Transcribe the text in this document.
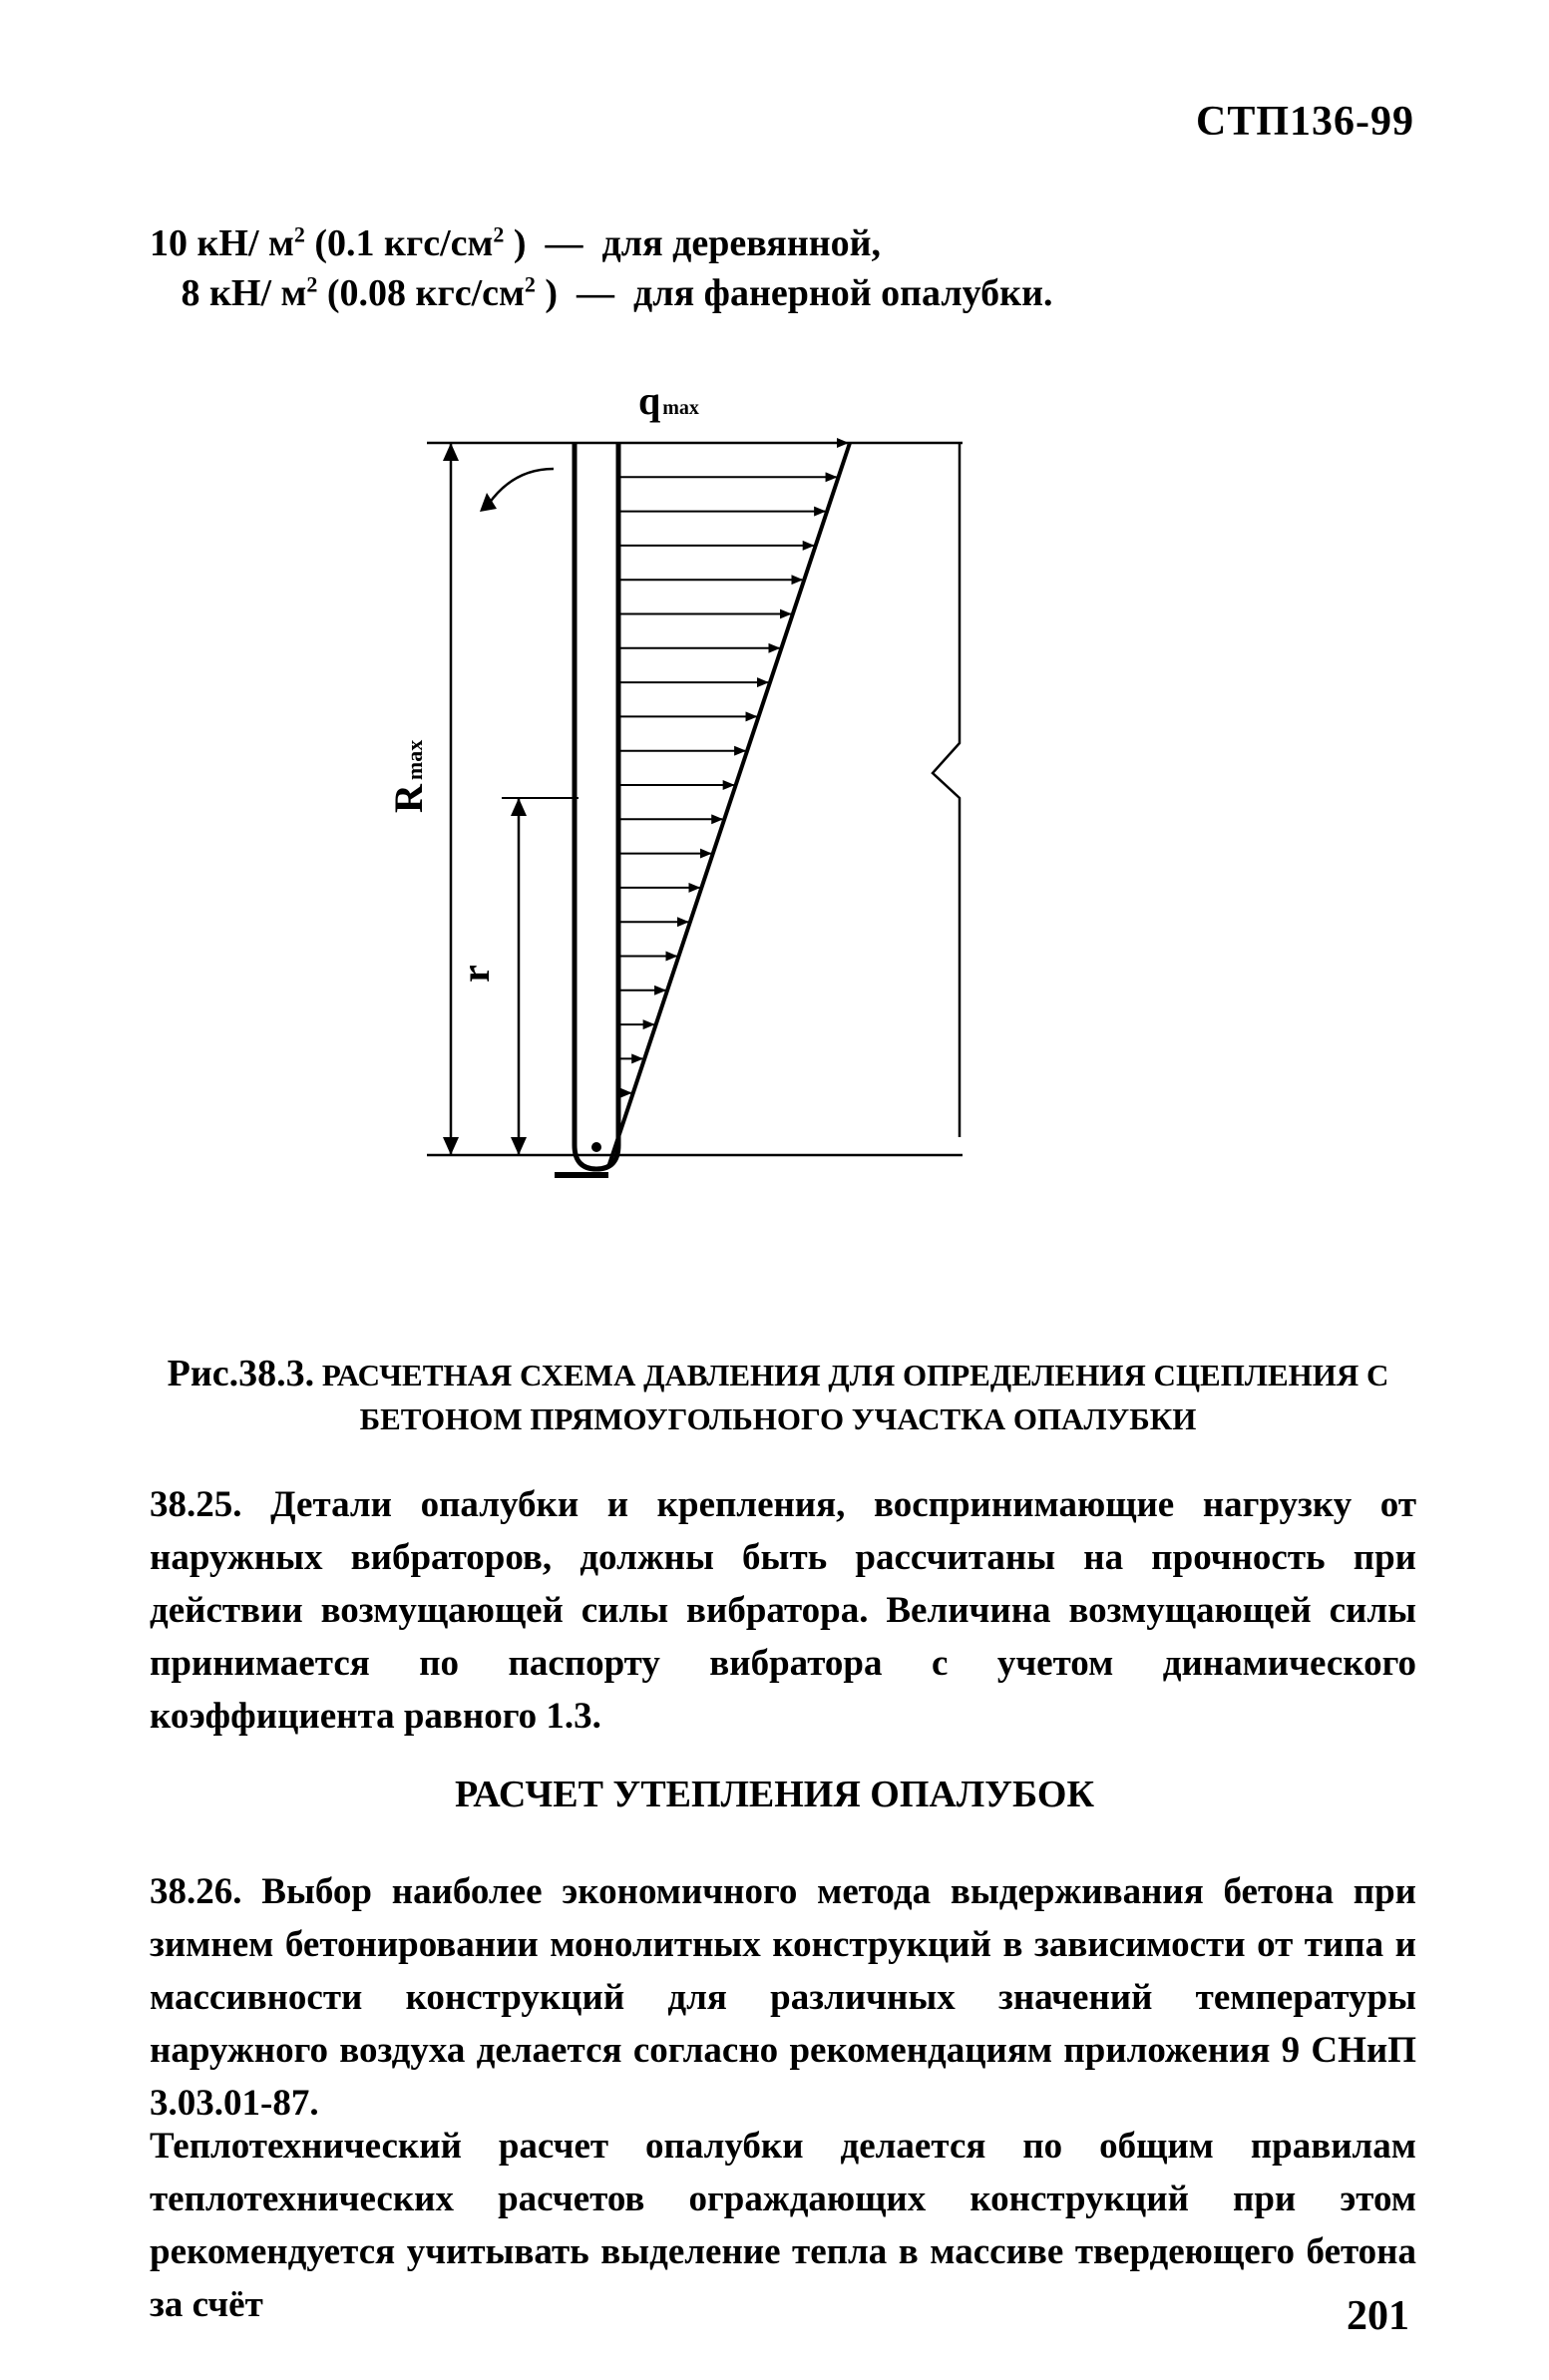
СТП136-99
10 кН/ $м^2$ (0.1 кгс/$см^2$ )  —  для деревянной,
8 кН/ $м^2$ (0.08 кгс/$см^2$ )  —  для фанерной опалубки.
qmax
Rmax
r
Рис.38.3. РАСЧЕТНАЯ СХЕМА ДАВЛЕНИЯ ДЛЯ ОПРЕДЕЛЕНИЯ СЦЕПЛЕНИЯ С
БЕТОНОМ ПРЯМОУГОЛЬНОГО УЧАСТКА ОПАЛУБКИ
38.25. Детали опалубки и крепления, воспринимающие нагрузку от наружных вибраторов, должны быть рассчитаны на прочность при действии возмущающей силы вибратора. Величина возмущающей силы принимается по паспорту вибратора с учетом динамического коэффициента равного 1.3.
РАСЧЕТ УТЕПЛЕНИЯ ОПАЛУБОК
38.26. Выбор наиболее экономичного метода выдерживания бетона при зимнем бетонировании монолитных конструкций в зависимости от типа и массивности конструкций для различных значений температуры наружного воздуха делается согласно рекомендациям приложения 9 СНиП 3.03.01-87.
Теплотехнический расчет опалубки делается по общим правилам теплотехнических расчетов ограждающих конструкций при этом рекомендуется учитывать выделение тепла в массиве твердеющего бетона за счёт	201
